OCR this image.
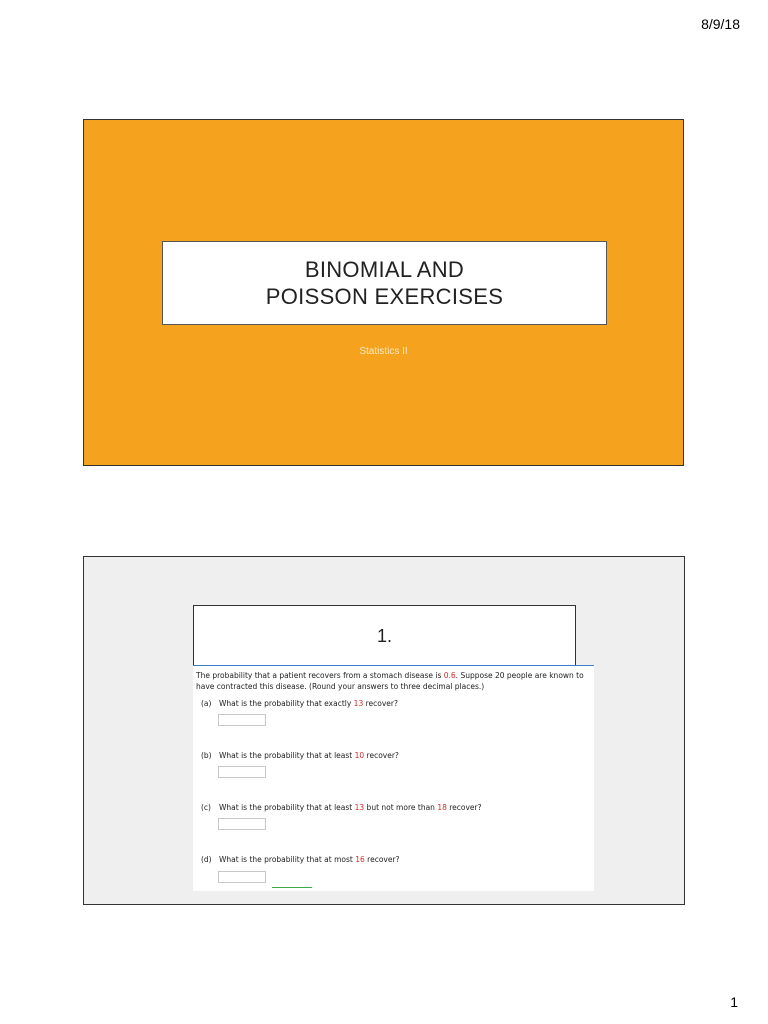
8/9/18
BINOMIAL AND POISSON EXERCISES
Statistics II
1.
The probability that a patient recovers from a stomach disease is 0.6. Suppose 20 people are known to have contracted this disease. (Round your answers to three decimal places.)
(a) What is the probability that exactly 13 recover?
(b) What is the probability that at least 10 recover?
(c) What is the probability that at least 13 but not more than 18 recover?
(d) What is the probability that at most 16 recover?
1
